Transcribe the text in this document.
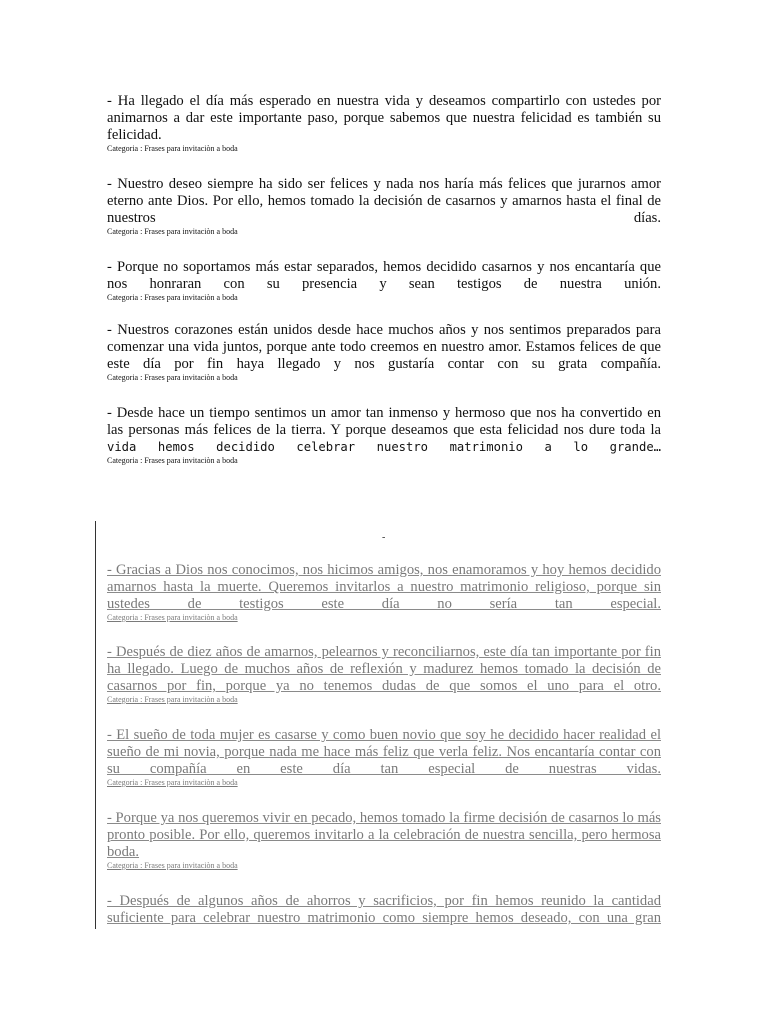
- Ha llegado el día más esperado en nuestra vida y deseamos compartirlo con ustedes por animarnos a dar este importante paso, porque sabemos que nuestra felicidad es también su felicidad.

Categoria : Frases para invitaciòn a boda

- Nuestro deseo siempre ha sido ser felices y nada nos haría más felices que jurarnos amor eterno ante Dios. Por ello, hemos tomado la decisión de casarnos y amarnos hasta el final de nuestros días.

Categoria : Frases para invitaciòn a boda

- Porque no soportamos más estar separados, hemos decidido casarnos y nos encantaría que nos honraran con su presencia y sean testigos de nuestra unión.

Categoria : Frases para invitaciòn a boda

- Nuestros corazones están unidos desde hace muchos años y nos sentimos preparados para comenzar una vida juntos, porque ante todo creemos en nuestro amor. Estamos felices de que este día por fin haya llegado y nos gustaría contar con su grata compañía.

Categoria : Frases para invitaciòn a boda

- Desde hace un tiempo sentimos un amor tan inmenso y hermoso que nos ha convertido en las personas más felices de la tierra. Y porque deseamos que esta felicidad nos dure toda la

vida hemos decidido celebrar nuestro matrimonio a lo grande…

Categoria : Frases para invitaciòn a boda

-

- Gracias a Dios nos conocimos, nos hicimos amigos, nos enamoramos y hoy hemos decidido amarnos hasta la muerte. Queremos invitarlos a nuestro matrimonio religioso, porque sin ustedes de testigos este día no sería tan especial.

Categoria : Frases para invitaciòn a boda

- Después de diez años de amarnos, pelearnos y reconciliarnos, este día tan importante por fin ha llegado. Luego de muchos años de reflexión y madurez hemos tomado la decisión de casarnos por fin, porque ya no tenemos dudas de que somos el uno para el otro.

Categoria : Frases para invitaciòn a boda

- El sueño de toda mujer es casarse y como buen novio que soy he decidido hacer realidad el sueño de mi novia, porque nada me hace más feliz que verla feliz. Nos encantaría contar con su compañía en este día tan especial de nuestras vidas.

Categoria : Frases para invitaciòn a boda

- Porque ya nos queremos vivir en pecado, hemos tomado la firme decisión de casarnos lo más pronto posible. Por ello, queremos invitarlo a la celebración de nuestra sencilla, pero hermosa boda.

Categoria : Frases para invitaciòn a boda

- Después de algunos años de ahorros y sacrificios, por fin hemos reunido la cantidad suficiente para celebrar nuestro matrimonio como siempre hemos deseado, con una gran
